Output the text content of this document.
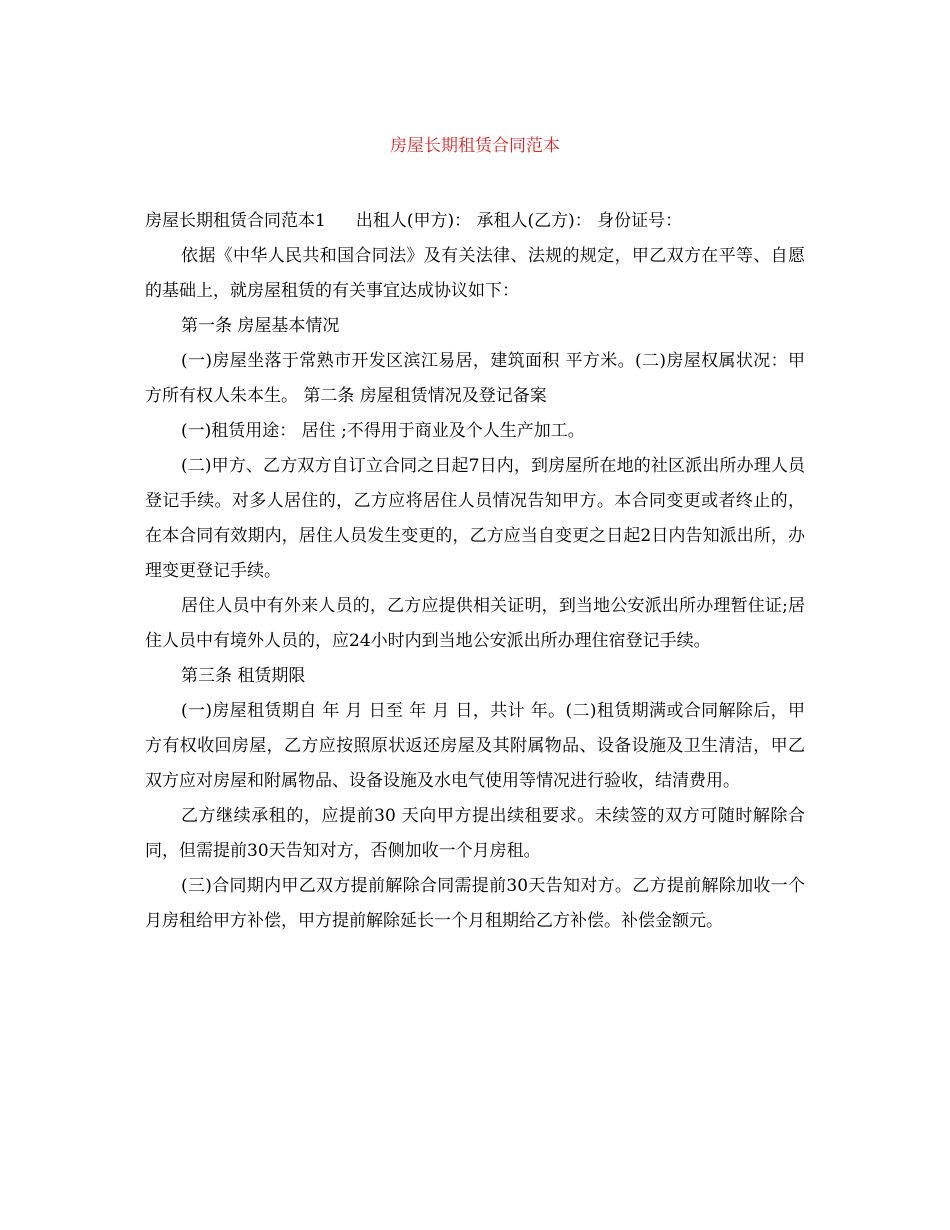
房屋长期租赁合同范本

房屋长期租赁合同范本1 出租人(甲方)： 承租人(乙方)： 身份证号：

依据《中华人民共和国合同法》及有关法律、法规的规定，甲乙双方在平等、自愿的基础上，就房屋租赁的有关事宜达成协议如下：

第一条 房屋基本情况

(一)房屋坐落于常熟市开发区滨江易居，建筑面积 平方米。(二)房屋权属状况：甲方所有权人朱本生。 第二条 房屋租赁情况及登记备案

(一)租赁用途： 居住 ;不得用于商业及个人生产加工。

(二)甲方、乙方双方自订立合同之日起7日内，到房屋所在地的社区派出所办理人员登记手续。对多人居住的，乙方应将居住人员情况告知甲方。本合同变更或者终止的，在本合同有效期内，居住人员发生变更的，乙方应当自变更之日起2日内告知派出所，办理变更登记手续。

居住人员中有外来人员的，乙方应提供相关证明，到当地公安派出所办理暂住证;居住人员中有境外人员的，应24小时内到当地公安派出所办理住宿登记手续。

第三条 租赁期限

(一)房屋租赁期自 年 月 日至 年 月 日，共计 年。(二)租赁期满或合同解除后，甲方有权收回房屋，乙方应按照原状返还房屋及其附属物品、设备设施及卫生清洁，甲乙双方应对房屋和附属物品、设备设施及水电气使用等情况进行验收，结清费用。

乙方继续承租的，应提前30 天向甲方提出续租要求。未续签的双方可随时解除合同，但需提前30天告知对方，否侧加收一个月房租。

(三)合同期内甲乙双方提前解除合同需提前30天告知对方。乙方提前解除加收一个月房租给甲方补偿，甲方提前解除延长一个月租期给乙方补偿。补偿金额元。
